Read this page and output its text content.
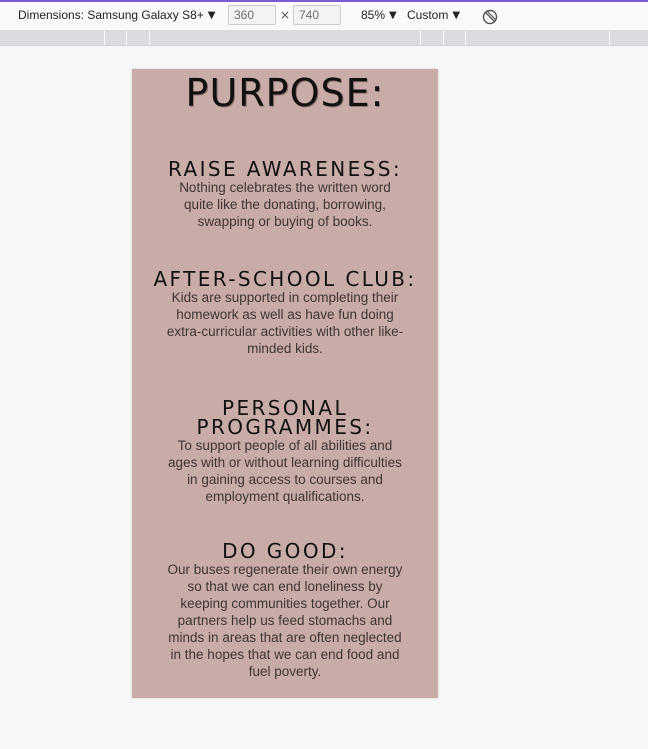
Dimensions: Samsung Galaxy S8+ ▼	360	× 740	85% ▼ Custom ▼
PURPOSE:
RAISE AWARENESS:

Nothing celebrates the written word quite like the donating, borrowing, swapping or buying of books.

AFTER-SCHOOL CLUB:

Kids are supported in completing their homework as well as have fun doing extra-curricular activities with other like-minded kids.

PERSONAL PROGRAMMES:

To support people of all abilities and ages with or without learning difficulties in gaining access to courses and employment qualifications.

DO GOOD:

Our buses regenerate their own energy so that we can end loneliness by keeping communities together. Our partners help us feed stomachs and minds in areas that are often neglected in the hopes that we can end food and fuel poverty.
